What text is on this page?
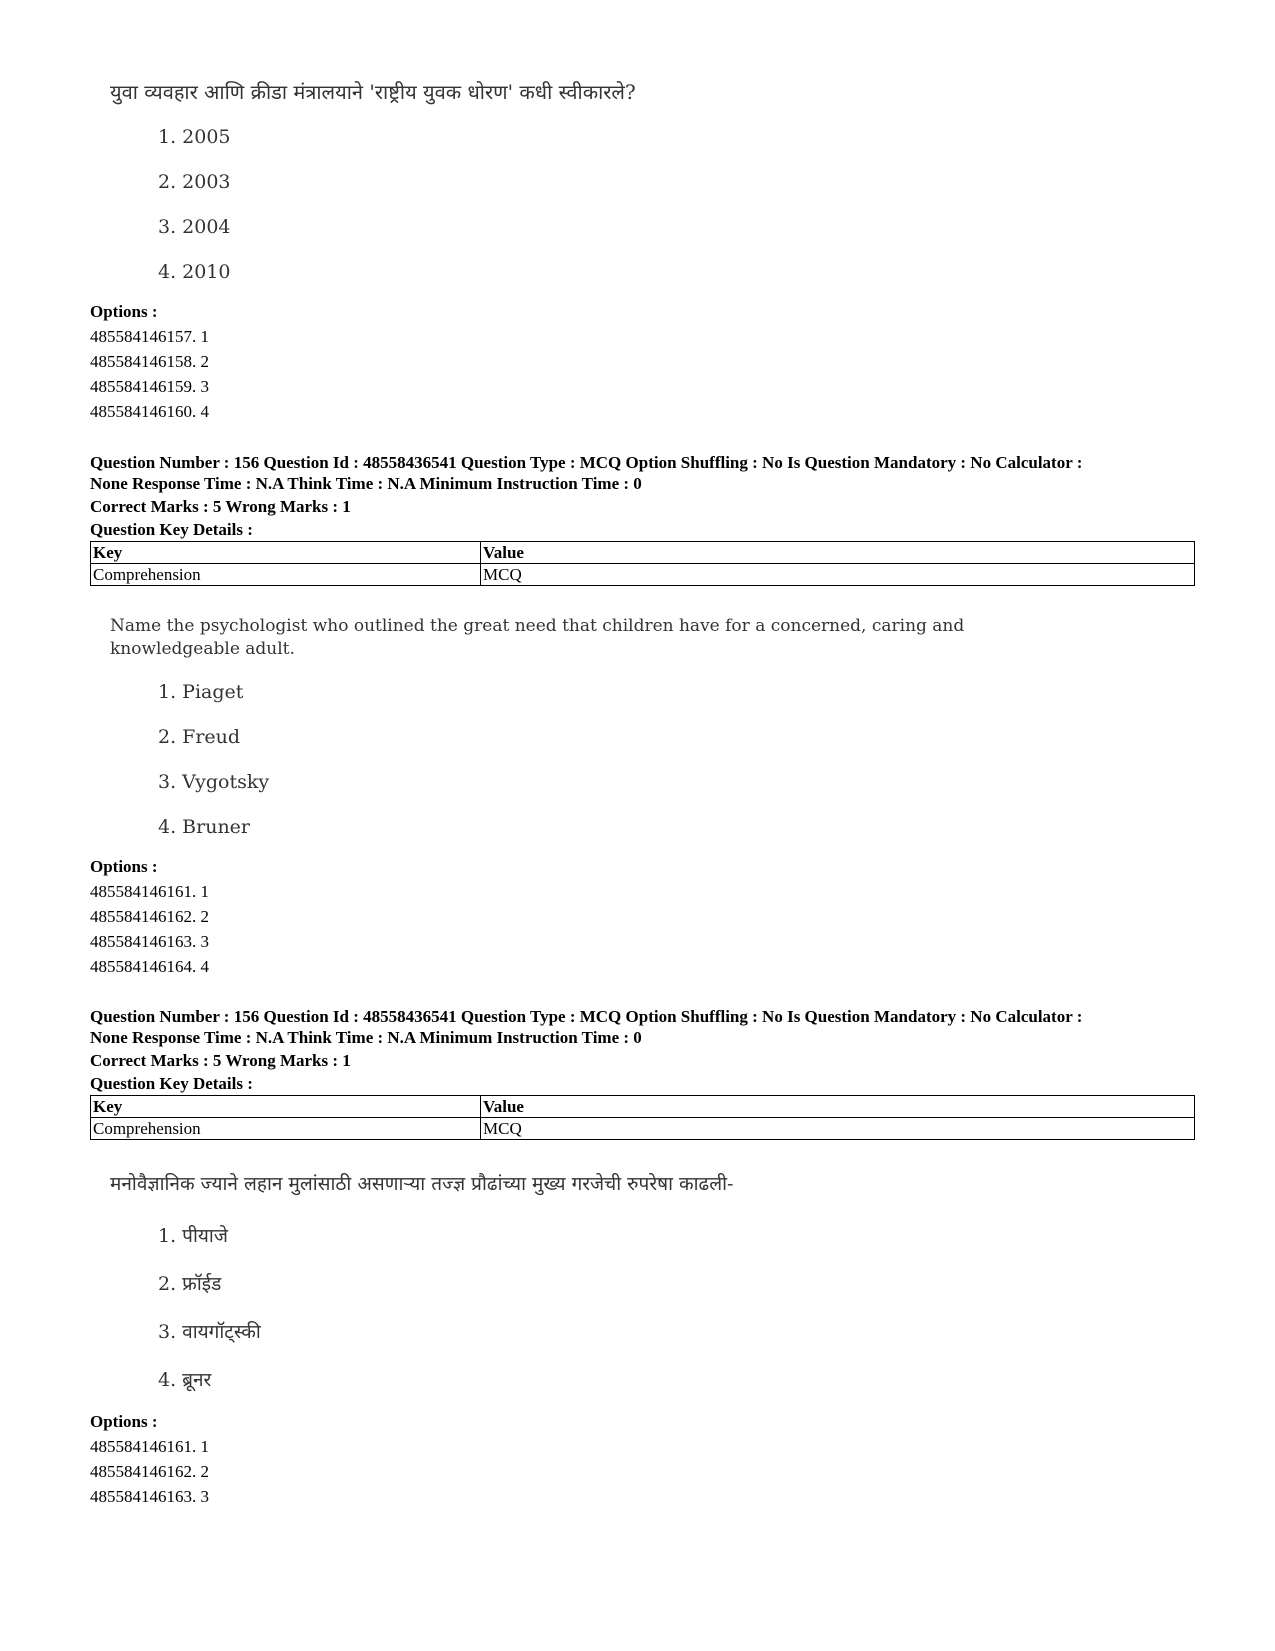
युवा व्यवहार आणि क्रीडा मंत्रालयाने 'राष्ट्रीय युवक धोरण' कधी स्वीकारले?
1. 2005
2. 2003
3. 2004
4. 2010
Options :
485584146157. 1
485584146158. 2
485584146159. 3
485584146160. 4
Question Number : 156 Question Id : 48558436541 Question Type : MCQ Option Shuffling : No Is Question Mandatory : No Calculator :
None Response Time : N.A Think Time : N.A Minimum Instruction Time : 0
Correct Marks : 5 Wrong Marks : 1
Question Key Details :
Key	Value
Comprehension	MCQ
Name the psychologist who outlined the great need that children have for a concerned, caring and
knowledgeable adult.
1. Piaget
2. Freud
3. Vygotsky
4. Bruner
Options :
485584146161. 1
485584146162. 2
485584146163. 3
485584146164. 4
Question Number : 156 Question Id : 48558436541 Question Type : MCQ Option Shuffling : No Is Question Mandatory : No Calculator :
None Response Time : N.A Think Time : N.A Minimum Instruction Time : 0
Correct Marks : 5 Wrong Marks : 1
Question Key Details :
Key	Value
Comprehension	MCQ
मनोवैज्ञानिक ज्याने लहान मुलांसाठी असणाऱ्या तज्ज्ञ प्रौढांच्या मुख्य गरजेची रुपरेषा काढली-
1. पीयाजे
2. फ्रॉईड
3. वायगॉट्स्की
4. ब्रूनर
Options :
485584146161. 1
485584146162. 2
485584146163. 3
